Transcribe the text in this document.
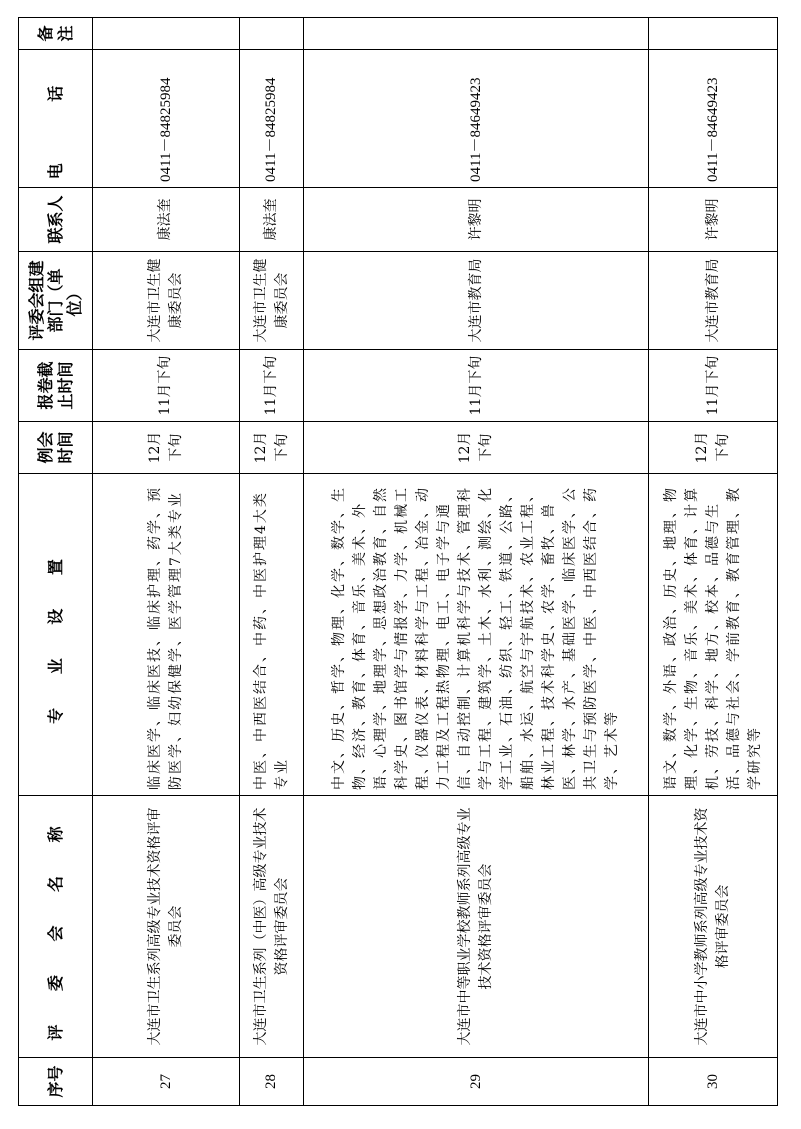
序号	评 委 会 名 称	专 业 设 置	例会时间	报卷截止时间	评委会组建部门（单位）	联系人	电 话	备注
27	大连市卫生系列高级专业技术资格评审委员会	临床医学、临床医技、临床护理、药学、预防医学、妇幼保健学、医学管理7大类专业	12月下旬	11月下旬	大连市卫生健康委员会	康法奎	0411－84825984	
28	大连市卫生系列（中医）高级专业技术资格评审委员会	中医、中西医结合、中药、中医护理4大类专业	12月下旬	11月下旬	大连市卫生健康委员会	康法奎	0411－84825984	
29	大连市中等职业学校教师系列高级专业技术资格评审委员会	中文、历史、哲学、物理、化学、数学、生物、经济、教育、体育、音乐、美术、外语、心理学、地理学、思想政治教育、自然科学史、图书馆学与情报学、力学、机械工程、仪器仪表、材料科学与工程、冶金、动力工程及工程热物理、电工、电子学与通信、自动控制、计算机科学与技术、管理科学与工程、建筑学、土木、水利、测绘、化学工业、石油、纺织、轻工、铁道、公路、船舶、水运、航空与宇航技术、农业工程、林业工程、技术科学史、农学、畜牧、兽医、林学、水产、基础医学、临床医学、公共卫生与预防医学、中医、中西医结合、药学、艺术等	12月下旬	11月下旬	大连市教育局	许黎明	0411－84649423	
30	大连市中小学教师系列高级专业技术资格评审委员会	语文、数学、外语、政治、历史、地理、物理、化学、生物、音乐、美术、体育、计算机、劳技、科学、地方、校本、品德与生活、品德与社会、学前教育、教育管理、教学研究等	12月下旬	11月下旬	大连市教育局	许黎明	0411－84649423	
